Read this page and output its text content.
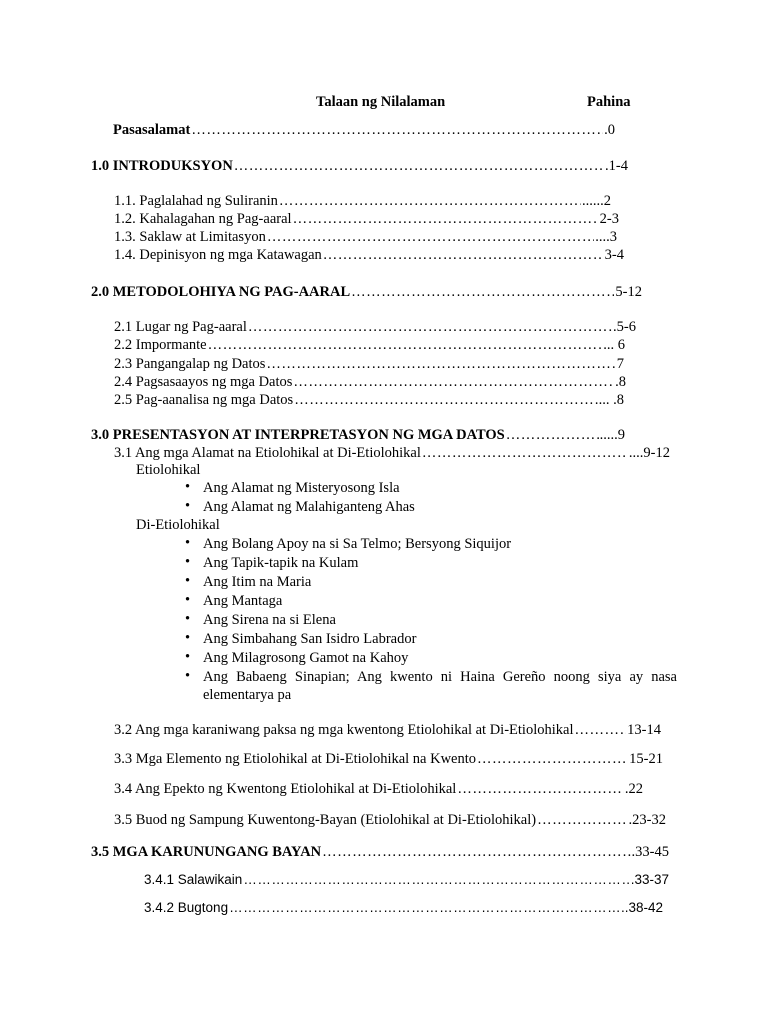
Talaan ng Nilalaman	Pahina
Pasasalamat ……………………………………………………………………………………………………………………………………………………………………………………………………………	.0
1.0 INTRODUKSYON ……………………………………………………………………………………………………………………………………………………………………………………………………………	.1-4
1.1. Paglalahad ng Suliranin ……………………………………………………………………………………………………………………………………………………………………………………………………………	......2
1.2. Kahalagahan ng Pag-aaral ……………………………………………………………………………………………………………………………………………………………………………………………………………	2-3
1.3. Saklaw at Limitasyon ……………………………………………………………………………………………………………………………………………………………………………………………………………	....3
1.4. Depinisyon ng mga Katawagan ……………………………………………………………………………………………………………………………………………………………………………………………………………	3-4
2.0 METODOLOHIYA NG PAG-AARAL ……………………………………………………………………………………………………………………………………………………………………………………………………………	5-12
2.1 Lugar ng Pag-aaral ……………………………………………………………………………………………………………………………………………………………………………………………………………	.5-6
2.2 Impormante ……………………………………………………………………………………………………………………………………………………………………………………………………………	... 6
2.3 Pangangalap ng Datos ……………………………………………………………………………………………………………………………………………………………………………………………………………	7
2.4 Pagsasaayos ng mga Datos ……………………………………………………………………………………………………………………………………………………………………………………………………………	.8
2.5 Pag-aanalisa ng mga Datos ……………………………………………………………………………………………………………………………………………………………………………………………………………	... .8
3.0 PRESENTASYON AT INTERPRETASYON NG MGA DATOS ……………………………………………………………………………………………………………………………………………………………………………………………………………	.....9
3.1 Ang mga Alamat na Etiolohikal at Di-Etiolohikal ……………………………………………………………………………………………………………………………………………………………………………………………………………	....9-12
Etiolohikal
• Ang Alamat ng Misteryosong Isla
• Ang Alamat ng Malahiganteng Ahas
Di-Etiolohikal
• Ang Bolang Apoy na si Sa Telmo; Bersyong Siquijor
• Ang Tapik-tapik na Kulam
• Ang Itim na Maria
• Ang Mantaga
• Ang Sirena na si Elena
• Ang Simbahang San Isidro Labrador
• Ang Milagrosong Gamot na Kahoy
• Ang Babaeng Sinapian; Ang kwento ni Haina Gereño noong siya ay nasa elementarya pa
3.2 Ang mga karaniwang paksa ng mga kwentong Etiolohikal at Di-Etiolohikal ……………………………………………………………………………………………………………………………………………………………………………………………………………	13-14
3.3 Mga Elemento ng Etiolohikal at Di-Etiolohikal na Kwento ……………………………………………………………………………………………………………………………………………………………………………………………………………	15-21
3.4 Ang Epekto ng Kwentong Etiolohikal at Di-Etiolohikal ……………………………………………………………………………………………………………………………………………………………………………………………………………	.22
3.5 Buod ng Sampung Kuwentong-Bayan (Etiolohikal at Di-Etiolohikal) ……………………………………………………………………………………………………………………………………………………………………………………………………………	.23-32
3.5 MGA KARUNUNGANG BAYAN ……………………………………………………………………………………………………………………………………………………………………………………………………………	.33-45
3.4.1 Salawikain ……………………………………………………………………………………………………………………………………………………………………………………………………………	.33-37
3.4.2 Bugtong ……………………………………………………………………………………………………………………………………………………………………………………………………………	..38-42
